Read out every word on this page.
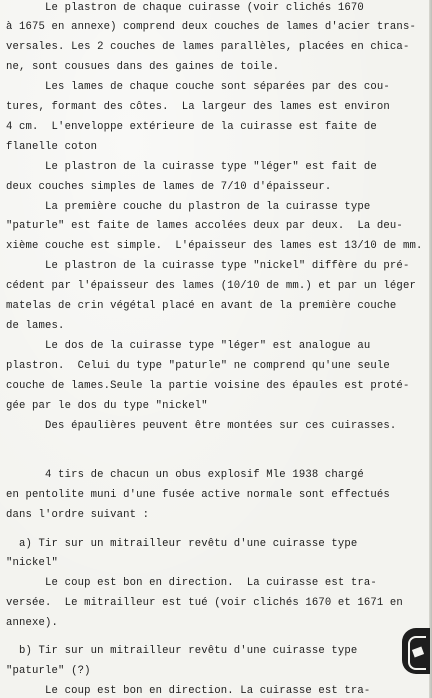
Le plastron de chaque cuirasse (voir clichés 1670
à 1675 en annexe) comprend deux couches de lames d'acier trans-
versales. Les 2 couches de lames parallèles, placées en chica-
ne, sont cousues dans des gaines de toile.
Les lames de chaque couche sont séparées par des cou-
tures, formant des côtes.  La largeur des lames est environ
4 cm.  L'enveloppe extérieure de la cuirasse est faite de
flanelle coton
Le plastron de la cuirasse type "léger" est fait de
deux couches simples de lames de 7/10 d'épaisseur.
La première couche du plastron de la cuirasse type
"paturle" est faite de lames accolées deux par deux.  La deu-
xième couche est simple.  L'épaisseur des lames est 13/10 de mm.
Le plastron de la cuirasse type "nickel" diffère du pré-
cédent par l'épaisseur des lames (10/10 de mm.) et par un léger
matelas de crin végétal placé en avant de la première couche
de lames.
Le dos de la cuirasse type "léger" est analogue au
plastron.  Celui du type "paturle" ne comprend qu'une seule
couche de lames.Seule la partie voisine des épaules est proté-
gée par le dos du type "nickel"
Des épaulières peuvent être montées sur ces cuirasses.
4 tirs de chacun un obus explosif Mle 1938 chargé
en pentolite muni d'une fusée active normale sont effectués
dans l'ordre suivant :
a) Tir sur un mitrailleur revêtu d'une cuirasse type
"nickel"
Le coup est bon en direction.  La cuirasse est tra-
versée.  Le mitrailleur est tué (voir clichés 1670 et 1671 en
annexe).
b) Tir sur un mitrailleur revêtu d'une cuirasse type
"paturle" (?)
Le coup est bon en direction. La cuirasse est tra-
